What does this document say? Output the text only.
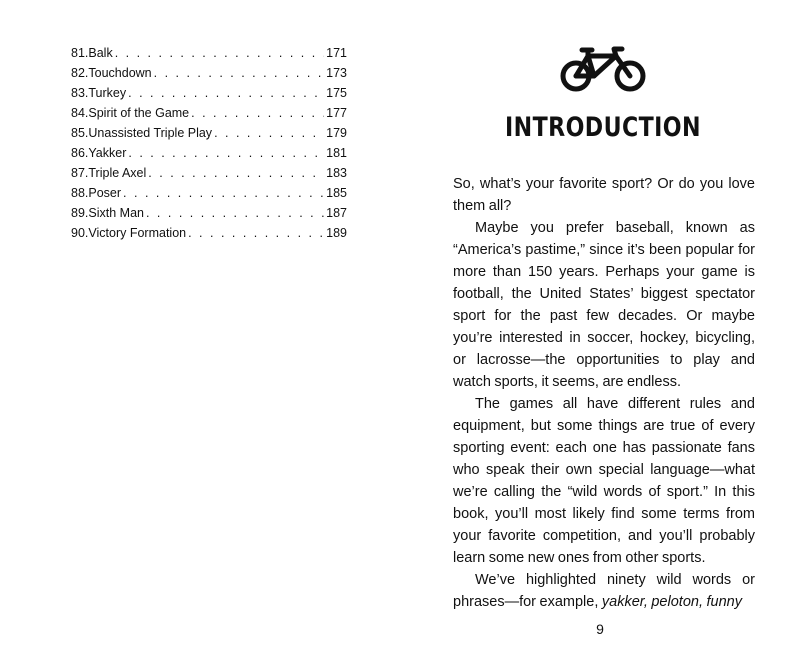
81. Balk . . .	171
82. Touchdown . . .	173
83. Turkey . . .	175
84. Spirit of the Game . . .	177
85. Unassisted Triple Play . . .	179
86. Yakker . . .	181
87. Triple Axel . . .	183
88. Poser . . .	185
89. Sixth Man . . .	187
90. Victory Formation . . .	189
INTRODUCTION

So, what’s your favorite sport? Or do you love them all?

Maybe you prefer baseball, known as “America’s pastime,” since it’s been popular for more than 150 years. Perhaps your game is football, the United States’ biggest spectator sport for the past few decades. Or maybe you’re interested in soccer, hockey, bicycling, or lacrosse—the opportunities to play and watch sports, it seems, are endless.

The games all have different rules and equipment, but some things are true of every sporting event: each one has passionate fans who speak their own special language—what we’re calling the “wild words of sport.” In this book, you’ll most likely find some terms from your favorite competition, and you’ll probably learn some new ones from other sports.

We’ve highlighted ninety wild words or phrases—for example, yakker, peloton, funny

9
